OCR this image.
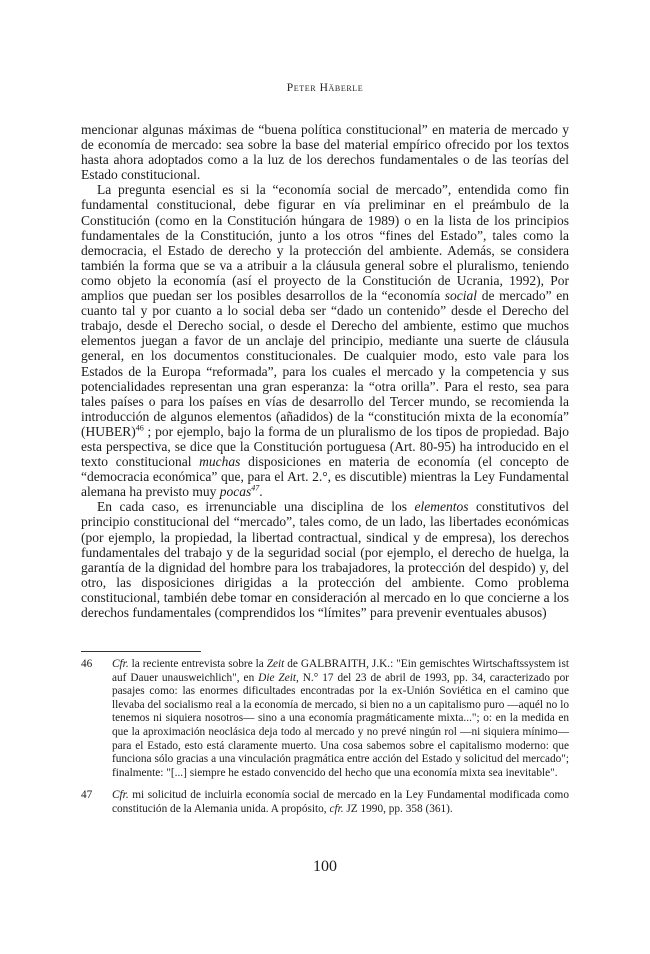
Peter Häberle

mencionar algunas máximas de “buena política constitucional” en materia de mercado y de economía de mercado: sea sobre la base del material empírico ofrecido por los textos hasta ahora adoptados como a la luz de los derechos fundamentales o de las teorías del Estado constitucional.

La pregunta esencial es si la “economía social de mercado”, entendida como fin fundamental constitucional, debe figurar en vía preliminar en el preámbulo de la Constitución (como en la Constitución húngara de 1989) o en la lista de los principios fundamentales de la Constitución, junto a los otros “fines del Estado”, tales como la democracia, el Estado de derecho y la protección del ambiente. Además, se considera también la forma que se va a atribuir a la cláusula general sobre el pluralismo, teniendo como objeto la economía (así el proyecto de la Constitución de Ucrania, 1992), Por amplios que puedan ser los posibles desarrollos de la “economía social de mercado” en cuanto tal y por cuanto a lo social deba ser “dado un contenido” desde el Derecho del trabajo, desde el Derecho social, o desde el Derecho del ambiente, estimo que muchos elementos juegan a favor de un anclaje del principio, mediante una suerte de cláusula general, en los documentos constitucionales. De cualquier modo, esto vale para los Estados de la Europa “reformada”, para los cuales el mercado y la competencia y sus potencialidades representan una gran esperanza: la “otra orilla”. Para el resto, sea para tales países o para los países en vías de desarrollo del Tercer mundo, se recomienda la introducción de algunos elementos (añadidos) de la “constitución mixta de la economía” (HUBER)$^{46}$ ; por ejemplo, bajo la forma de un pluralismo de los tipos de propiedad. Bajo esta perspectiva, se dice que la Constitución portuguesa (Art. 80-95) ha introducido en el texto constitucional muchas disposiciones en materia de economía (el concepto de “democracia económica” que, para el Art. 2.°, es discutible) mientras la Ley Fundamental alemana ha previsto muy pocas$^{47}$.

En cada caso, es irrenunciable una disciplina de los elementos constitutivos del principio constitucional del “mercado”, tales como, de un lado, las libertades económicas (por ejemplo, la propiedad, la libertad contractual, sindical y de empresa), los derechos fundamentales del trabajo y de la seguridad social (por ejemplo, el derecho de huelga, la garantía de la dignidad del hombre para los trabajadores, la protección del despido) y, del otro, las disposiciones dirigidas a la protección del ambiente. Como problema constitucional, también debe tomar en consideración al mercado en lo que concierne a los derechos fundamentales (comprendidos los “límites” para prevenir eventuales abusos)

46	Cfr. la reciente entrevista sobre la Zeit de GALBRAITH, J.K.: "Ein gemischtes Wirtschaftssystem ist auf Dauer unausweichlich", en Die Zeit, N.° 17 del 23 de abril de 1993, pp. 34, caracterizado por pasajes como: las enormes dificultades encontradas por la ex-Unión Soviética en el camino que llevaba del socialismo real a la economía de mercado, si bien no a un capitalismo puro —aquél no lo tenemos ni siquiera nosotros— sino a una economía pragmáticamente mixta..."; o: en la medida en que la aproximación neoclásica deja todo al mercado y no prevé ningún rol —ni siquiera mínimo— para el Estado, esto está claramente muerto. Una cosa sabemos sobre el capitalismo moderno: que funciona sólo gracias a una vinculación pragmática entre acción del Estado y solicitud del mercado"; finalmente: "[...] siempre he estado convencido del hecho que una economía mixta sea inevitable".
47	Cfr. mi solicitud de incluirla economía social de mercado en la Ley Fundamental modificada como constitución de la Alemania unida. A propósito, cfr. JZ 1990, pp. 358 (361).
100
